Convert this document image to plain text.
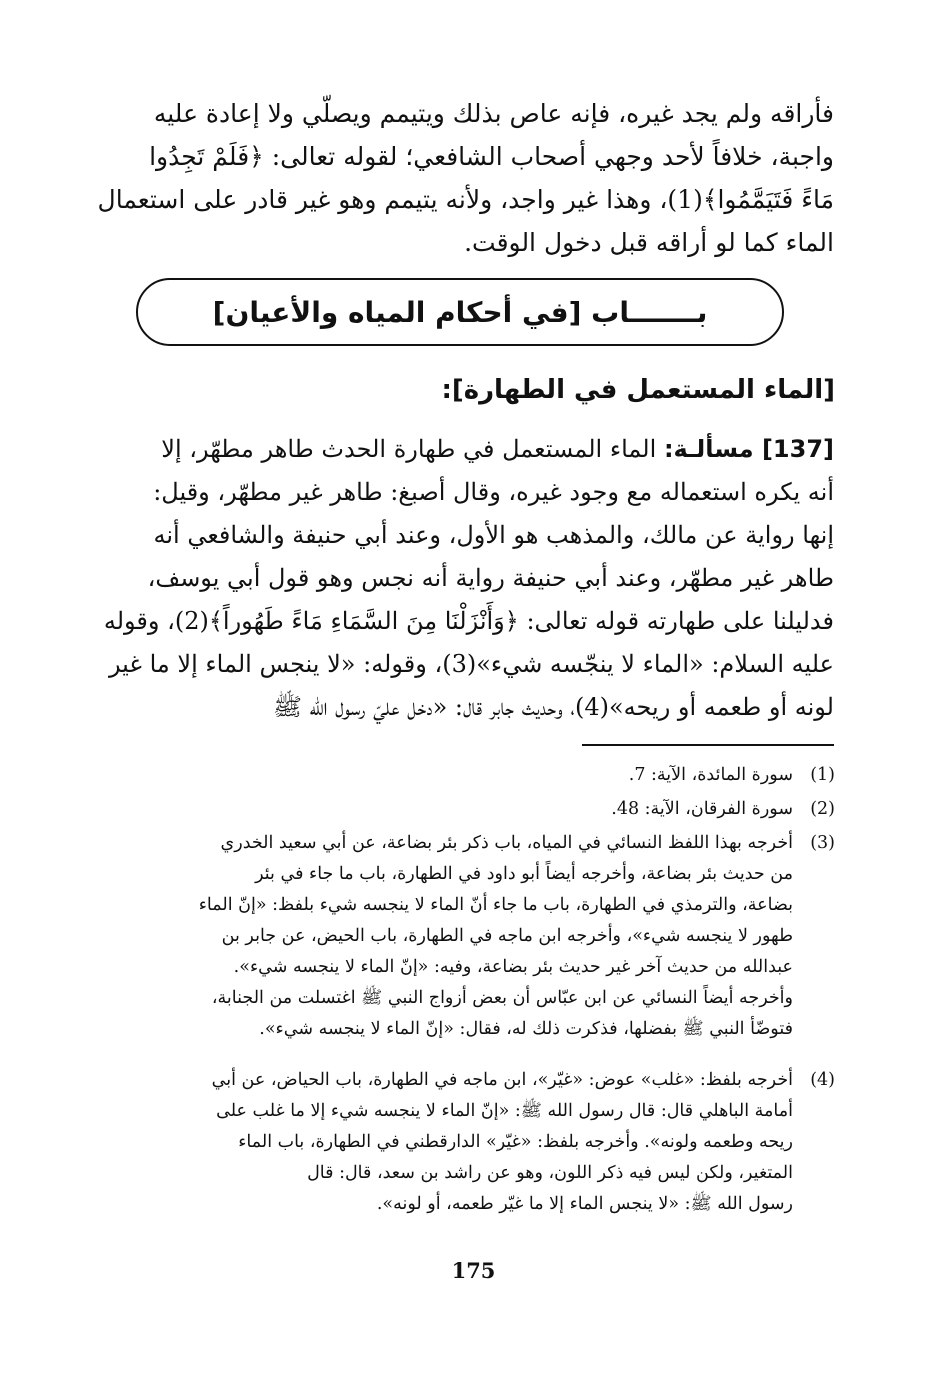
فأراقه ولم يجد غيره، فإنه عاص بذلك ويتيمم ويصلّي ولا إعادة عليه
واجبة، خلافاً لأحد وجهي أصحاب الشافعي؛ لقوله تعالى: ﴿فَلَمْ تَجِدُوا
مَاءً فَتَيَمَّمُوا﴾(1)، وهذا غير واجد، ولأنه يتيمم وهو غير قادر على استعمال
الماء كما لو أراقه قبل دخول الوقت.
بـــــــاب [في أحكام المياه والأعيان]
[الماء المستعمل في الطهارة]:
[137] مسألـة: الماء المستعمل في طهارة الحدث طاهر مطهّر، إلا
أنه يكره استعماله مع وجود غيره، وقال أصبغ: طاهر غير مطهّر، وقيل:
إنها رواية عن مالك، والمذهب هو الأول، وعند أبي حنيفة والشافعي أنه
طاهر غير مطهّر، وعند أبي حنيفة رواية أنه نجس وهو قول أبي يوسف،
فدليلنا على طهارته قوله تعالى: ﴿وَأَنْزَلْنَا مِنَ السَّمَاءِ مَاءً طَهُوراً﴾(2)، وقوله
عليه السلام: «الماء لا ينجّسه شيء»(3)، وقوله: «لا ينجس الماء إلا ما غير
لونه أو طعمه أو ريحه»(4)، وحديث جابر قال: «دخل عليّ رسول الله ﷺ
(1)
سورة المائدة، الآية: 7.
(2)
سورة الفرقان، الآية: 48.
(3)
أخرجه بهذا اللفظ النسائي في المياه، باب ذكر بئر بضاعة، عن أبي سعيد الخدري
من حديث بئر بضاعة، وأخرجه أيضاً أبو داود في الطهارة، باب ما جاء في بئر
بضاعة، والترمذي في الطهارة، باب ما جاء أنّ الماء لا ينجسه شيء بلفظ: «إنّ الماء
طهور لا ينجسه شيء»، وأخرجه ابن ماجه في الطهارة، باب الحيض، عن جابر بن
عبدالله من حديث آخر غير حديث بئر بضاعة، وفيه: «إنّ الماء لا ينجسه شيء».
وأخرجه أيضاً النسائي عن ابن عبّاس أن بعض أزواج النبي ﷺ اغتسلت من الجنابة،
فتوضّأ النبي ﷺ بفضلها، فذكرت ذلك له، فقال: «إنّ الماء لا ينجسه شيء».
(4)
أخرجه بلفظ: «غلب» عوض: «غيّر»، ابن ماجه في الطهارة، باب الحياض، عن أبي
أمامة الباهلي قال: قال رسول الله ﷺ: «إنّ الماء لا ينجسه شيء إلا ما غلب على
ريحه وطعمه ولونه». وأخرجه بلفظ: «غيّر» الدارقطني في الطهارة، باب الماء
المتغير، ولكن ليس فيه ذكر اللون، وهو عن راشد بن سعد، قال: قال
رسول الله ﷺ: «لا ينجس الماء إلا ما غيّر طعمه، أو لونه».
175
